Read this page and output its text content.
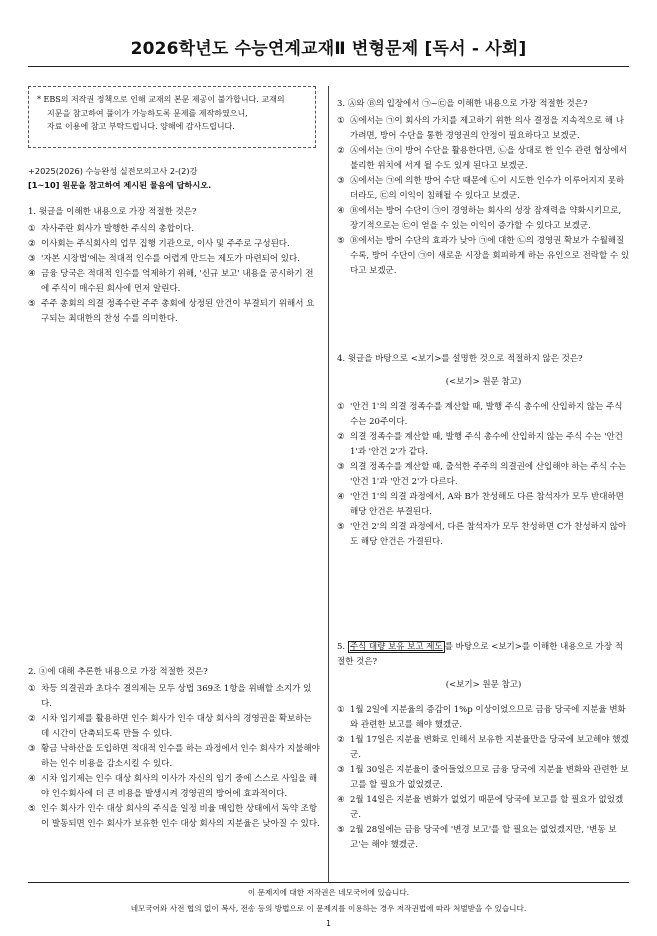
2026학년도 수능연계교재Ⅱ 변형문제 [독서 - 사회]
* EBS의 저작권 정책으로 인해 교재의 본문 제공이 불가합니다. 교재의
지문을 참고하여 풀이가 가능하도록 문제를 제작하였으니,
자료 이용에 참고 부탁드립니다. 양해에 감사드립니다.
+2025(2026) 수능완성 실전모의고사 2-(2)강
[1~10] 원문을 참고하여 제시된 물음에 답하시오.

1. 윗글을 이해한 내용으로 가장 적절한 것은?

① 자사주란 회사가 발행한 주식의 총합이다.
② 이사회는 주식회사의 업무 집행 기관으로, 이사 및 주주로 구성된다.
③ '자본 시장법'에는 적대적 인수를 어렵게 만드는 제도가 마련되어 있다.
④ 금융 당국은 적대적 인수를 억제하기 위해, '신규 보고' 내용을 공시하기 전에 주식이 매수된 회사에 먼저 알린다.
⑤ 주주 총회의 의결 정족수란 주주 총회에 상정된 안건이 부결되기 위해서 요구되는 최대한의 찬성 수를 의미한다.

2. ⓐ에 대해 추론한 내용으로 가장 적절한 것은?

① 차등 의결권과 초다수 결의제는 모두 상법 369조 1항을 위배할 소지가 있다.
② 시차 임기제를 활용하면 인수 회사가 인수 대상 회사의 경영권을 확보하는 데 시간이 단축되도록 만들 수 있다.
③ 황금 낙하산을 도입하면 적대적 인수를 하는 과정에서 인수 회사가 지불해야 하는 인수 비용을 감소시킬 수 있다.
④ 시차 임기제는 인수 대상 회사의 이사가 자신의 임기 중에 스스로 사임을 해야 인수회사에 더 큰 비용을 발생시켜 경영권의 방어에 효과적이다.
⑤ 인수 회사가 인수 대상 회사의 주식을 일정 비율 매입한 상태에서 독약 조항이 발동되면 인수 회사가 보유한 인수 대상 회사의 지분율은 낮아질 수 있다.

3. Ⓐ와 Ⓑ의 입장에서 ㉠~㉢을 이해한 내용으로 가장 적절한 것은?

① Ⓐ에서는 ㉠이 회사의 가치를 제고하기 위한 의사 결정을 지속적으로 해 나가려면, 방어 수단을 통한 경영권의 안정이 필요하다고 보겠군.
② Ⓐ에서는 ㉠이 방어 수단을 활용한다면, ㉡을 상대로 한 인수 관련 협상에서 불리한 위치에 서게 될 수도 있게 된다고 보겠군.
③ Ⓐ에서는 ㉠에 의한 방어 수단 때문에 ㉡이 시도한 인수가 이루어지지 못하더라도, ㉢의 이익이 침해될 수 있다고 보겠군.
④ Ⓑ에서는 방어 수단이 ㉠이 경영하는 회사의 성장 잠재력을 약화시키므로, 장기적으로는 ㉢이 얻을 수 있는 이익이 증가할 수 있다고 보겠군.
⑤ Ⓑ에서는 방어 수단의 효과가 낮아 ㉠에 대한 ㉡의 경영권 확보가 수월해질수록, 방어 수단이 ㉠이 새로운 시장을 회피하게 하는 유인으로 전락할 수 있다고 보겠군.

4. 윗글을 바탕으로 <보기>를 설명한 것으로 적절하지 않은 것은?

(<보기> 원문 참고)
① '안건 1'의 의결 정족수를 계산할 때, 발행 주식 총수에 산입하지 않는 주식 수는 20주이다.
② 의결 정족수를 계산할 때, 발행 주식 총수에 산입하지 않는 주식 수는 '안건 1'과 '안건 2'가 같다.
③ 의결 정족수를 계산할 때, 출석한 주주의 의결권에 산입해야 하는 주식 수는 '안건 1'과 '안건 2'가 다르다.
④ '안건 1'의 의결 과정에서, A와 B가 찬성해도 다른 참석자가 모두 반대하면 해당 안건은 부결된다.
⑤ '안건 2'의 의결 과정에서, 다른 참석자가 모두 찬성하면 C가 찬성하지 않아도 해당 안건은 가결된다.

5. 주식 대량 보유 보고 제도 를 바탕으로 <보기>를 이해한 내용으로 가장 적절한 것은?

(<보기> 원문 참고)
① 1월 2일에 지분율의 증감이 1%p 이상이었으므로 금융 당국에 지분율 변화와 관련한 보고를 해야 했겠군.
② 1월 17일은 지분율 변화로 인해서 보유한 지분율만을 당국에 보고해야 했겠군.
③ 1월 30일은 지분율이 줄어들었으므로 금융 당국에 지분율 변화와 관련한 보고를 할 필요가 없었겠군.
④ 2월 14일은 지분율 변화가 없었기 때문에 당국에 보고를 할 필요가 없었겠군.
⑤ 2월 28일에는 금융 당국에 '변경 보고'를 할 필요는 없었겠지만, '변동 보고'는 해야 했겠군.
이 문제지에 대한 저작권은 네모국어에 있습니다.
네모국어와 사전 협의 없이 복사, 전송 등의 방법으로 이 문제지를 이용하는 경우 저작권법에 따라 처벌받을 수 있습니다.
1
